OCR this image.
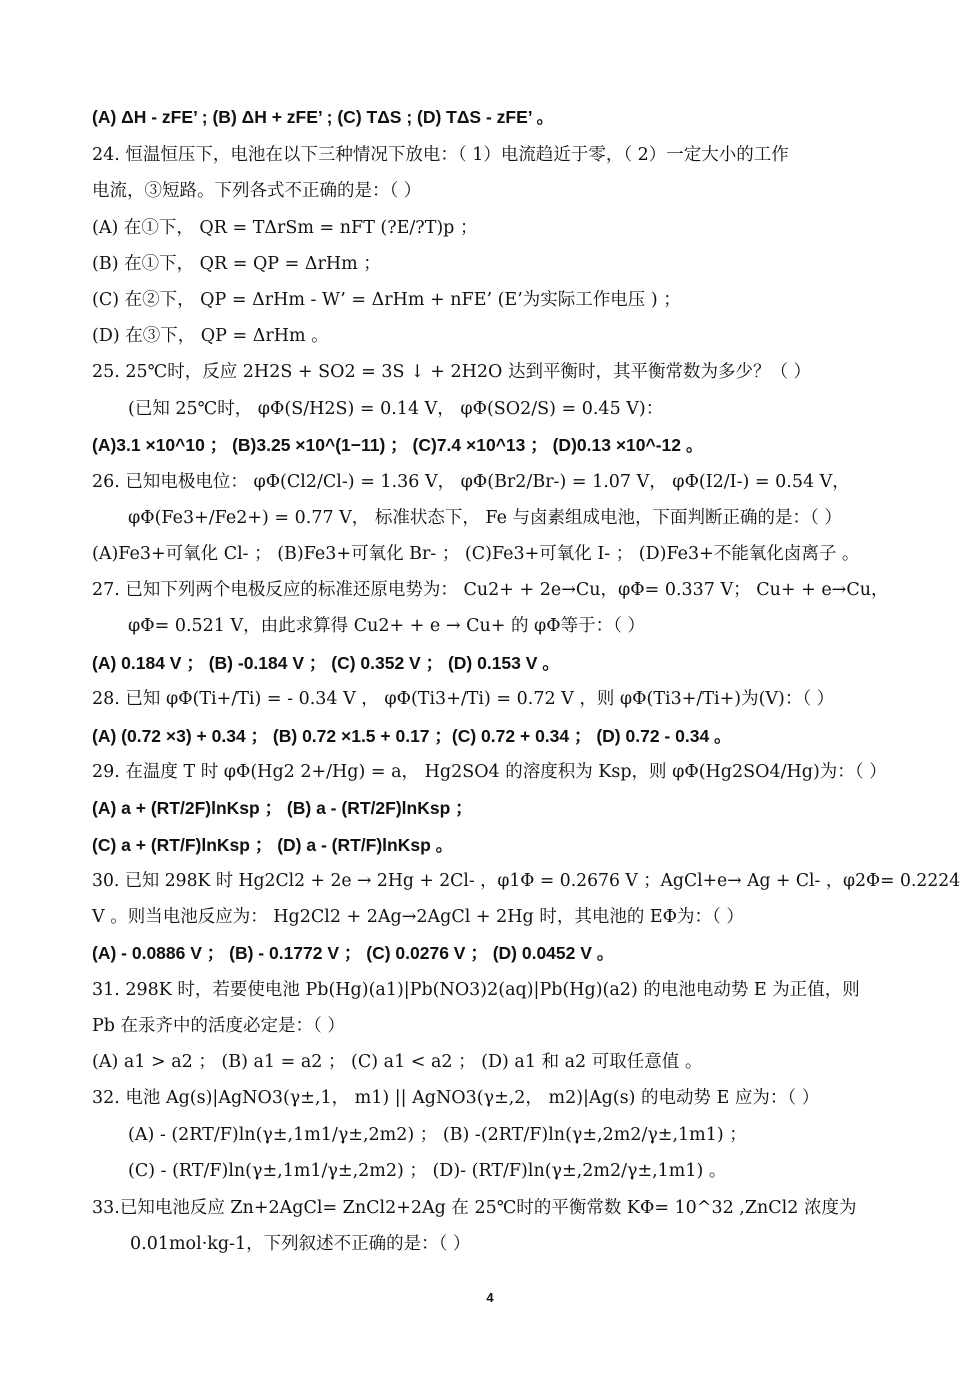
(A) ΔH - zFE’ ; (B) ΔH + zFE’ ; (C) TΔS ; (D) TΔS - zFE’ 。
24. 恒温恒压下，电池在以下三种情况下放电：（ 1）电流趋近于零，（ 2）一定大小的工作
电流，③短路。下列各式不正确的是：（ ）
(A) 在①下， QR = TΔrSm = nFT (?E/?T)p ；
(B) 在①下， QR = QP = ΔrHm ；
(C) 在②下， QP = ΔrHm - W’ = ΔrHm + nFE’ (E’为实际工作电压 ) ；
(D) 在③下， QP = ΔrHm 。
25. 25℃时，反应 2H2S + SO2 = 3S ↓ + 2H2O 达到平衡时，其平衡常数为多少？（ ）
(已知 25℃时， φΦ(S/H2S) = 0.14 V， φΦ(SO2/S) = 0.45 V)：
(A)3.1 ×10^10 ； (B)3.25 ×10^(1−11) ； (C)7.4 ×10^13 ； (D)0.13 ×10^-12 。
26. 已知电极电位： φΦ(Cl2/Cl-) = 1.36 V， φΦ(Br2/Br-) = 1.07 V， φΦ(I2/I-) = 0.54 V，
φΦ(Fe3+/Fe2+) = 0.77 V， 标准状态下， Fe 与卤素组成电池，下面判断正确的是：（ ）
(A)Fe3+可氧化 Cl- ； (B)Fe3+可氧化 Br- ； (C)Fe3+可氧化 I- ； (D)Fe3+不能氧化卤离子 。
27. 已知下列两个电极反应的标准还原电势为： Cu2+ + 2e→Cu，φΦ= 0.337 V； Cu+ + e→Cu，
φΦ= 0.521 V，由此求算得 Cu2+ + e → Cu+ 的 φΦ等于：（ ）
(A) 0.184 V ； (B) -0.184 V ； (C) 0.352 V ； (D) 0.153 V 。
28. 已知 φΦ(Ti+/Ti) = - 0.34 V ， φΦ(Ti3+/Ti) = 0.72 V ，则 φΦ(Ti3+/Ti+)为(V)：（ ）
(A) (0.72 ×3) + 0.34 ； (B) 0.72 ×1.5 + 0.17 ；(C) 0.72 + 0.34 ； (D) 0.72 - 0.34 。
29. 在温度 T 时 φΦ(Hg2 2+/Hg) = a， Hg2SO4 的溶度积为 Ksp，则 φΦ(Hg2SO4/Hg)为：（ ）
(A) a + (RT/2F)lnKsp ； (B) a - (RT/2F)lnKsp ；
(C) a + (RT/F)lnKsp ； (D) a - (RT/F)lnKsp 。
30. 已知 298K 时 Hg2Cl2 + 2e → 2Hg + 2Cl- ，φ1Φ = 0.2676 V ；AgCl+e→ Ag + Cl- ，φ2Φ= 0.2224
V 。则当电池反应为： Hg2Cl2 + 2Ag→2AgCl + 2Hg 时，其电池的 EΦ为：（ ）
(A) - 0.0886 V ； (B) - 0.1772 V ； (C) 0.0276 V ； (D) 0.0452 V 。
31. 298K 时，若要使电池 Pb(Hg)(a1)|Pb(NO3)2(aq)|Pb(Hg)(a2) 的电池电动势 E 为正值，则
Pb 在汞齐中的活度必定是：（ ）
(A) a1 > a2 ； (B) a1 = a2 ； (C) a1 < a2 ； (D) a1 和 a2 可取任意值 。
32. 电池 Ag(s)|AgNO3(γ±,1， m1) || AgNO3(γ±,2， m2)|Ag(s) 的电动势 E 应为：（ ）
(A) - (2RT/F)ln(γ±,1m1/γ±,2m2) ； (B) -(2RT/F)ln(γ±,2m2/γ±,1m1) ；
(C) - (RT/F)ln(γ±,1m1/γ±,2m2) ； (D)- (RT/F)ln(γ±,2m2/γ±,1m1) 。
33.已知电池反应 Zn+2AgCl= ZnCl2+2Ag 在 25℃时的平衡常数 KΦ= 10^32 ,ZnCl2 浓度为
0.01mol·kg-1，下列叙述不正确的是：（ ）
4
